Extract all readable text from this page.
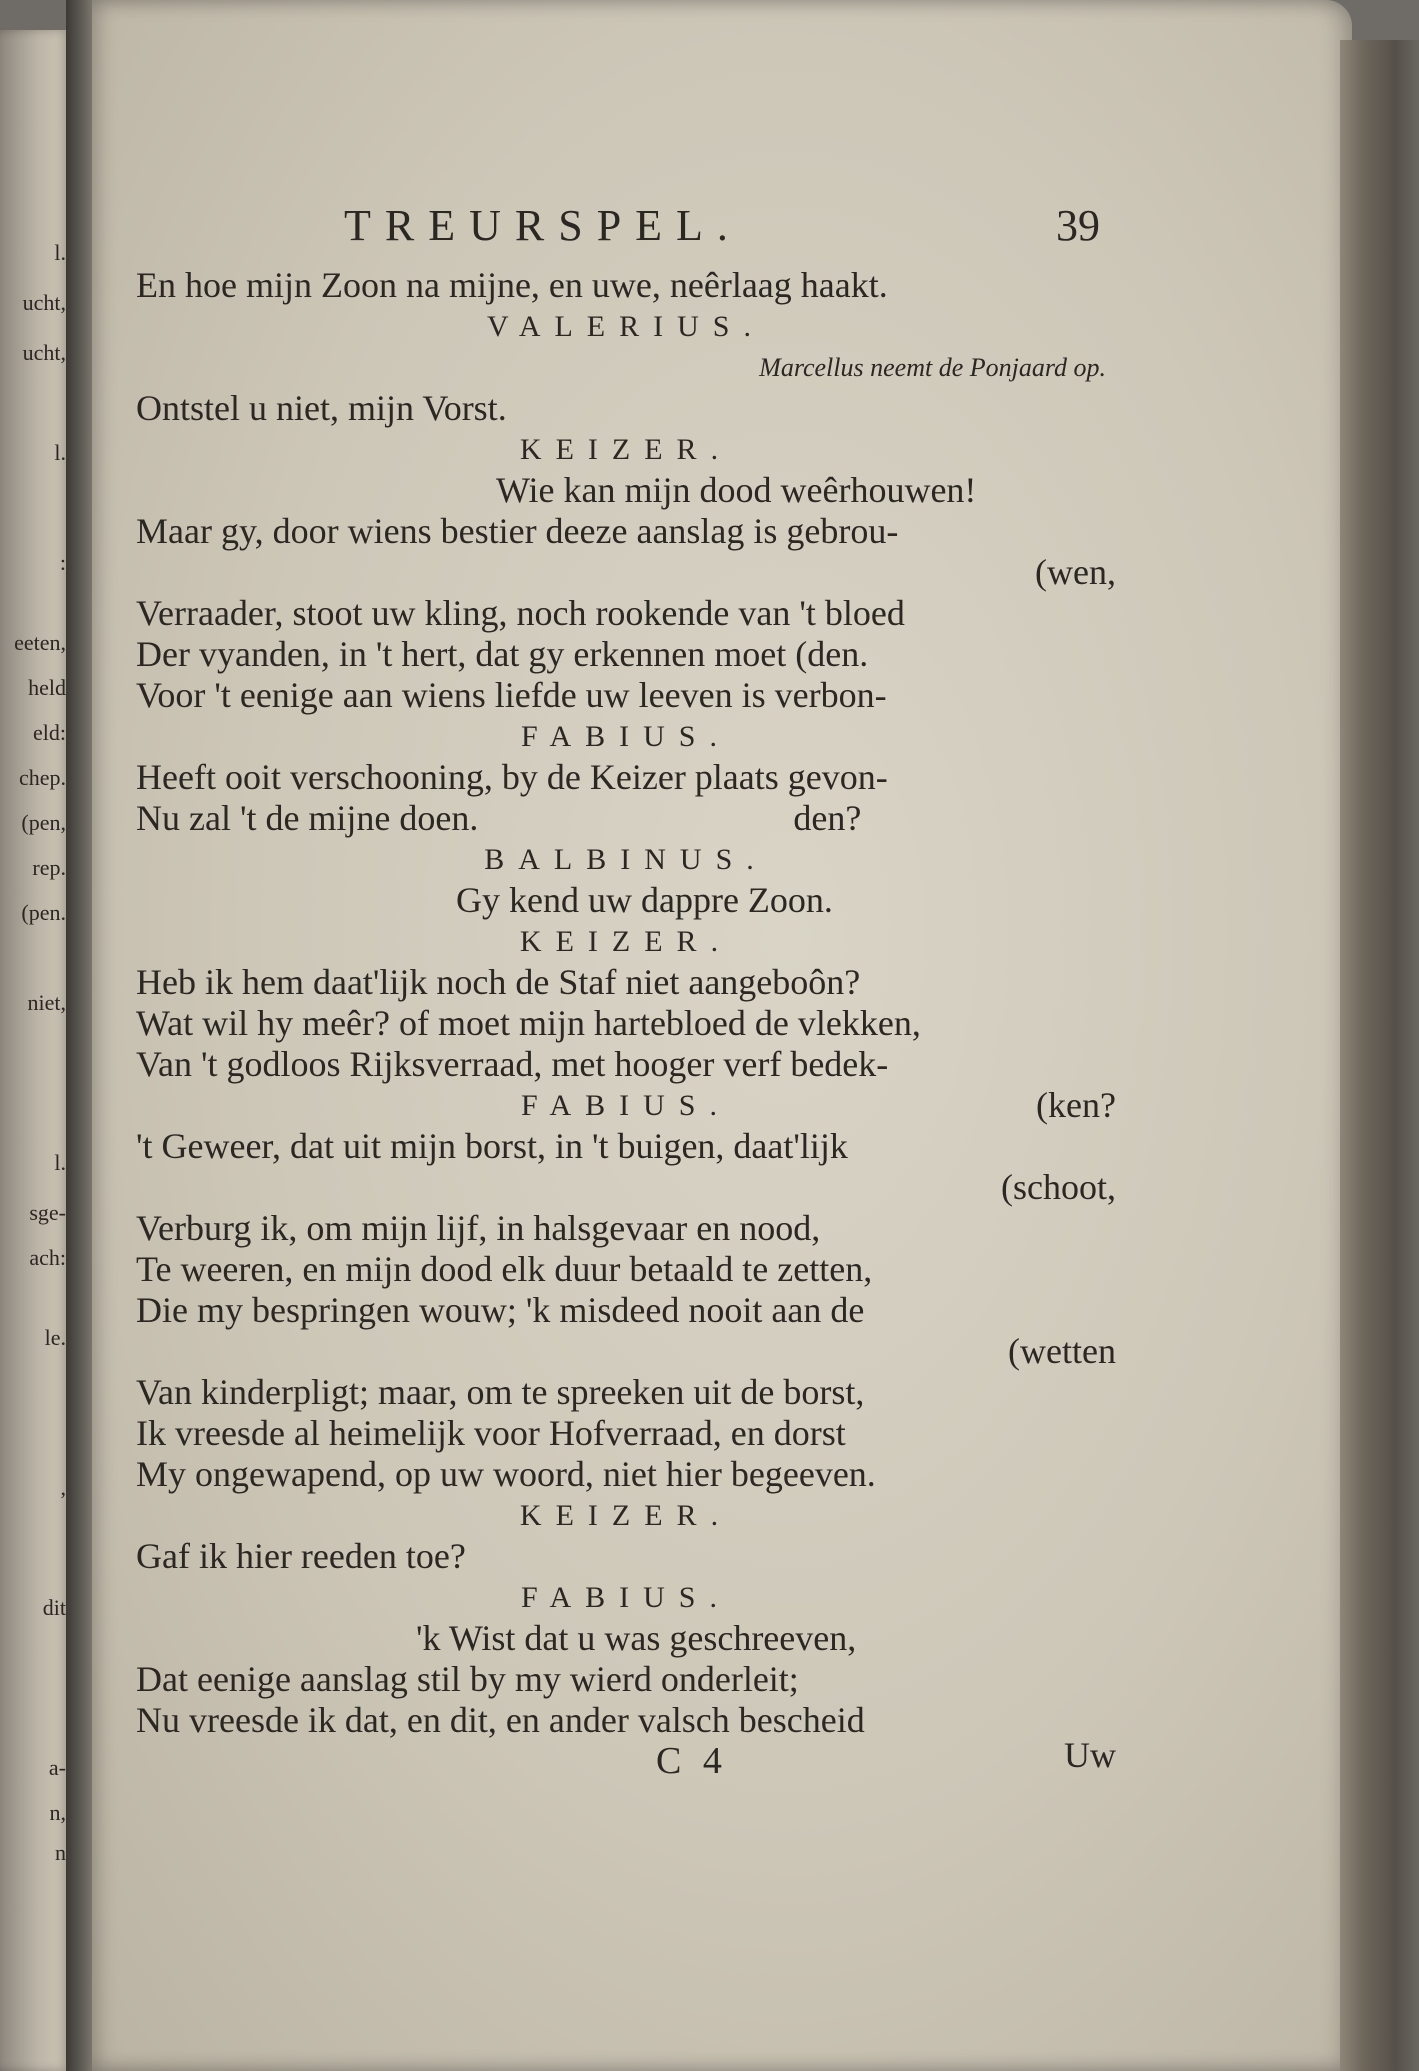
l.
ucht,
ucht,
l.
:
eeten,
held
eld:
chep.
(pen,
rep.
(pen.
niet,
l.
sge-
ach:
le.
,
dit
a-
n,
n
TREURSPEL.	39
En hoe mijn Zoon na mijne, en uwe, neêrlaag haakt.
VALERIUS.
Marcellus neemt de Ponjaard op.
Ontstel u niet, mijn Vorst.
KEIZER.
Wie kan mijn dood weêrhouwen!
Maar gy, door wiens bestier deeze aanslag is gebrou-
(wen,
Verraader, stoot uw kling, noch rookende van 't bloed
Der vyanden, in 't hert, dat gy erkennen moet (den.
Voor 't eenige aan wiens liefde uw leeven is verbon-
FABIUS.
Heeft ooit verschooning, by de Keizer plaats gevon-
Nu zal 't de mijne doen.                                   den?
BALBINUS.
Gy kend uw dappre Zoon.
KEIZER.
Heb ik hem daat'lijk noch de Staf niet aangeboôn?
Wat wil hy meêr? of moet mijn hartebloed de vlekken,
Van 't godloos Rijksverraad, met hooger verf bedek-
FABIUS.	(ken?
't Geweer, dat uit mijn borst, in 't buigen, daat'lijk
(schoot,
Verburg ik, om mijn lijf, in halsgevaar en nood,
Te weeren, en mijn dood elk duur betaald te zetten,
Die my bespringen wouw; 'k misdeed nooit aan de
(wetten
Van kinderpligt; maar, om te spreeken uit de borst,
Ik vreesde al heimelijk voor Hofverraad, en dorst
My ongewapend, op uw woord, niet hier begeeven.
KEIZER.
Gaf ik hier reeden toe?
FABIUS.
'k Wist dat u was geschreeven,
Dat eenige aanslag stil by my wierd onderleit;
Nu vreesde ik dat, en dit, en ander valsch bescheid
C 4	Uw
